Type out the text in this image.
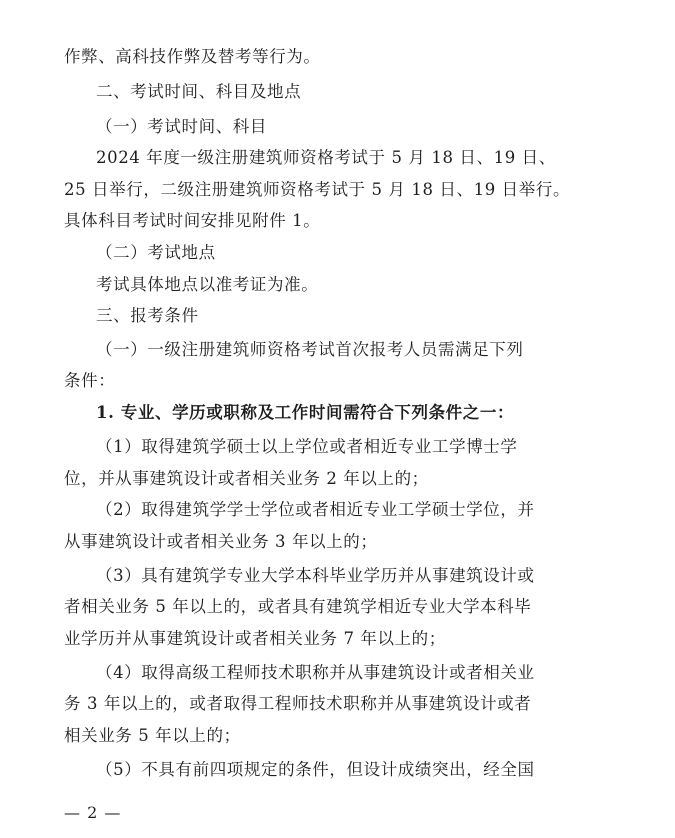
作弊、高科技作弊及替考等行为。
二、考试时间、科目及地点
（一）考试时间、科目
2024 年度一级注册建筑师资格考试于 5 月 18 日、19 日、
25 日举行，二级注册建筑师资格考试于 5 月 18 日、19 日举行。
具体科目考试时间安排见附件 1。
（二）考试地点
考试具体地点以准考证为准。
三、报考条件
（一）一级注册建筑师资格考试首次报考人员需满足下列
条件：
1. 专业、学历或职称及工作时间需符合下列条件之一：
（1）取得建筑学硕士以上学位或者相近专业工学博士学
位，并从事建筑设计或者相关业务 2 年以上的；
（2）取得建筑学学士学位或者相近专业工学硕士学位，并
从事建筑设计或者相关业务 3 年以上的；
（3）具有建筑学专业大学本科毕业学历并从事建筑设计或
者相关业务 5 年以上的，或者具有建筑学相近专业大学本科毕
业学历并从事建筑设计或者相关业务 7 年以上的；
（4）取得高级工程师技术职称并从事建筑设计或者相关业
务 3 年以上的，或者取得工程师技术职称并从事建筑设计或者
相关业务 5 年以上的；
（5）不具有前四项规定的条件，但设计成绩突出，经全国
— 2 —
